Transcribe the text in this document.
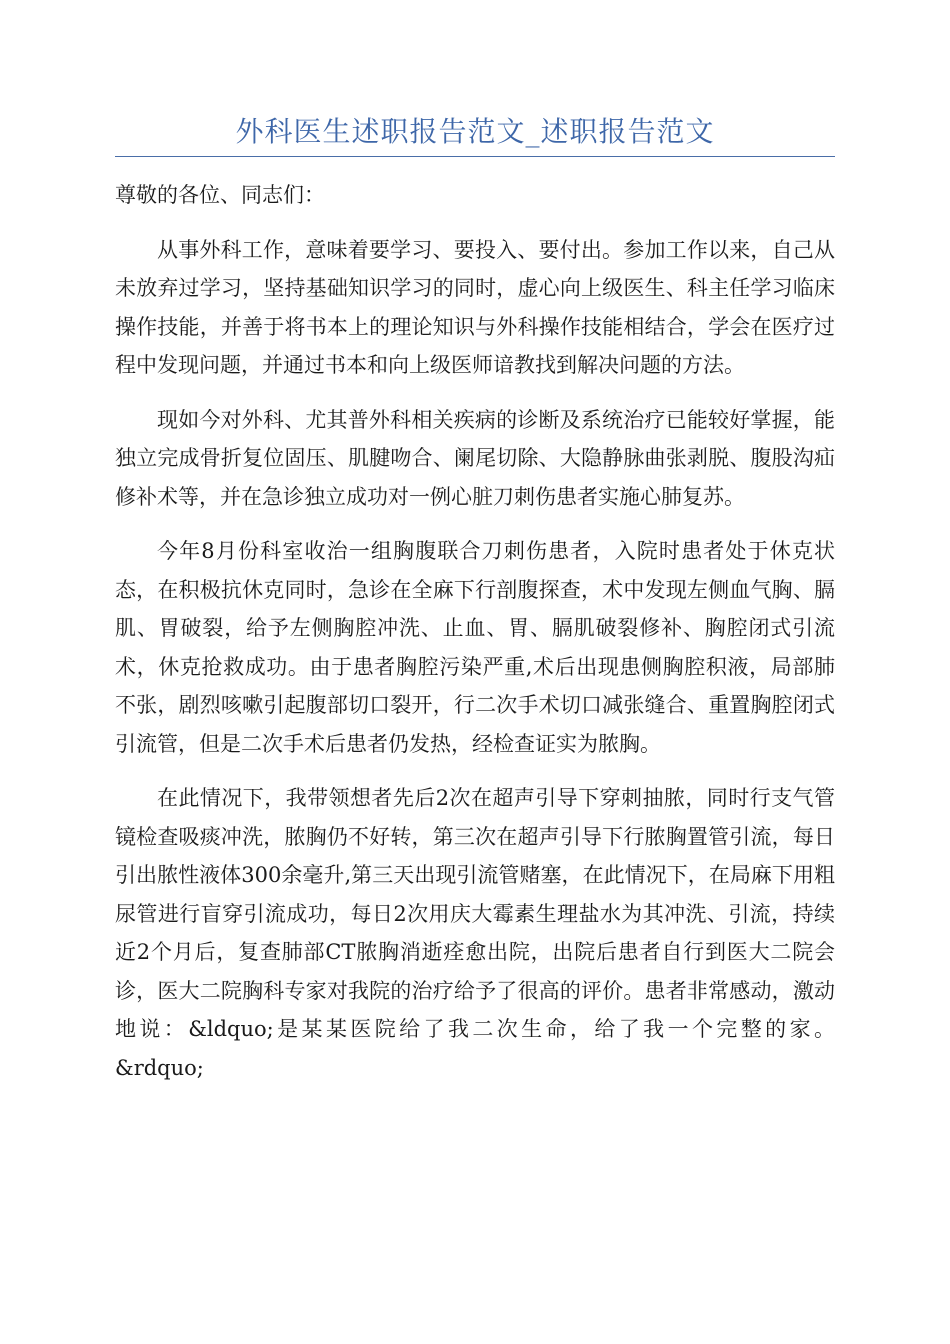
外科医生述职报告范文_述职报告范文

尊敬的各位、同志们：

从事外科工作，意味着要学习、要投入、要付出。参加工作以来，自己从未放弃过学习，坚持基础知识学习的同时，虚心向上级医生、科主任学习临床操作技能，并善于将书本上的理论知识与外科操作技能相结合，学会在医疗过程中发现问题，并通过书本和向上级医师谙教找到解决问题的方法。

现如今对外科、尤其普外科相关疾病的诊断及系统治疗已能较好掌握，能独立完成骨折复位固压、肌腱吻合、阑尾切除、大隐静脉曲张剥脱、腹股沟疝修补术等，并在急诊独立成功对一例心脏刀刺伤患者实施心肺复苏。

今年8月份科室收治一组胸腹联合刀刺伤患者，入院时患者处于休克状态，在积极抗休克同时，急诊在全麻下行剖腹探查，术中发现左侧血气胸、膈肌、胃破裂，给予左侧胸腔冲洗、止血、胃、膈肌破裂修补、胸腔闭式引流术，休克抢救成功。由于患者胸腔污染严重,术后出现患侧胸腔积液，局部肺不张，剧烈咳嗽引起腹部切口裂开，行二次手术切口减张缝合、重置胸腔闭式引流管，但是二次手术后患者仍发热，经检查证实为脓胸。

在此情况下，我带领想者先后2次在超声引导下穿刺抽脓，同时行支气管镜检查吸痰冲洗，脓胸仍不好转，第三次在超声引导下行脓胸置管引流，每日引出脓性液体300余毫升,第三天出现引流管赌塞，在此情况下，在局麻下用粗尿管进行盲穿引流成功，每日2次用庆大霉素生理盐水为其冲洗、引流，持续近2个月后，复查肺部CT脓胸消逝痊愈出院，出院后患者自行到医大二院会诊，医大二院胸科专家对我院的治疗给予了很高的评价。患者非常感动，激动地说：&ldquo;是某某医院给了我二次生命，给了我一个完整的家。&rdquo;
